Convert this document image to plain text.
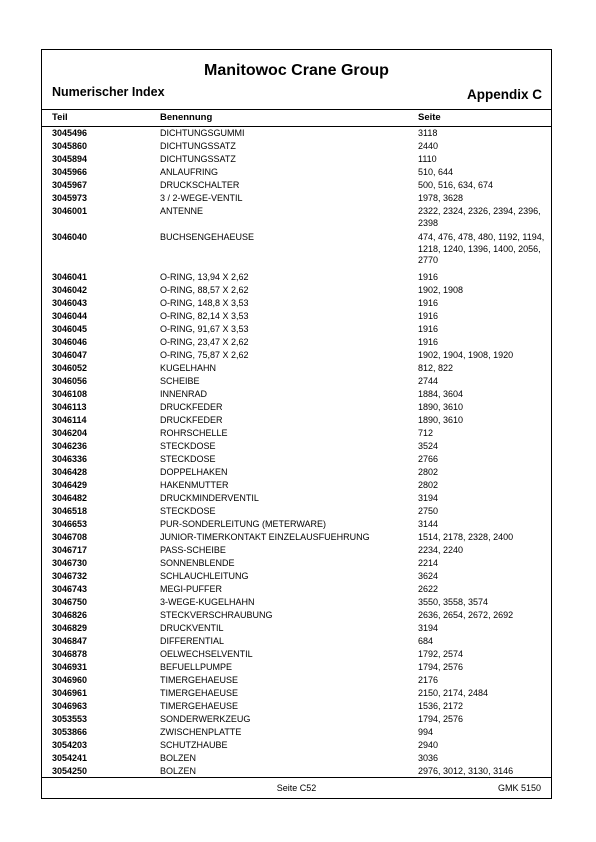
Manitowoc Crane Group
Numerischer Index	Appendix C
Teil	Benennung	Seite
3045496	DICHTUNGSGUMMI	3118
3045860	DICHTUNGSSATZ	2440
3045894	DICHTUNGSSATZ	1110
3045966	ANLAUFRING	510, 644
3045967	DRUCKSCHALTER	500, 516, 634, 674
3045973	3 / 2-WEGE-VENTIL	1978, 3628
3046001	ANTENNE	2322, 2324, 2326, 2394, 2396, 2398
3046040	BUCHSENGEHAEUSE	474, 476, 478, 480, 1192, 1194, 1218, 1240, 1396, 1400, 2056, 2770
3046041	O-RING, 13,94 X 2,62	1916
3046042	O-RING, 88,57 X 2,62	1902, 1908
3046043	O-RING, 148,8 X 3,53	1916
3046044	O-RING, 82,14 X 3,53	1916
3046045	O-RING, 91,67 X 3,53	1916
3046046	O-RING, 23,47 X 2,62	1916
3046047	O-RING, 75,87 X 2,62	1902, 1904, 1908, 1920
3046052	KUGELHAHN	812, 822
3046056	SCHEIBE	2744
3046108	INNENRAD	1884, 3604
3046113	DRUCKFEDER	1890, 3610
3046114	DRUCKFEDER	1890, 3610
3046204	ROHRSCHELLE	712
3046236	STECKDOSE	3524
3046336	STECKDOSE	2766
3046428	DOPPELHAKEN	2802
3046429	HAKENMUTTER	2802
3046482	DRUCKMINDERVENTIL	3194
3046518	STECKDOSE	2750
3046653	PUR-SONDERLEITUNG (METERWARE)	3144
3046708	JUNIOR-TIMERKONTAKT EINZELAUSFUEHRUNG	1514, 2178, 2328, 2400
3046717	PASS-SCHEIBE	2234, 2240
3046730	SONNENBLENDE	2214
3046732	SCHLAUCHLEITUNG	3624
3046743	MEGI-PUFFER	2622
3046750	3-WEGE-KUGELHAHN	3550, 3558, 3574
3046826	STECKVERSCHRAUBUNG	2636, 2654, 2672, 2692
3046829	DRUCKVENTIL	3194
3046847	DIFFERENTIAL	684
3046878	OELWECHSELVENTIL	1792, 2574
3046931	BEFUELLPUMPE	1794, 2576
3046960	TIMERGEHAEUSE	2176
3046961	TIMERGEHAEUSE	2150, 2174, 2484
3046963	TIMERGEHAEUSE	1536, 2172
3053553	SONDERWERKZEUG	1794, 2576
3053866	ZWISCHENPLATTE	994
3054203	SCHUTZHAUBE	2940
3054241	BOLZEN	3036
3054250	BOLZEN	2976, 3012, 3130, 3146
Seite C52	GMK 5150
